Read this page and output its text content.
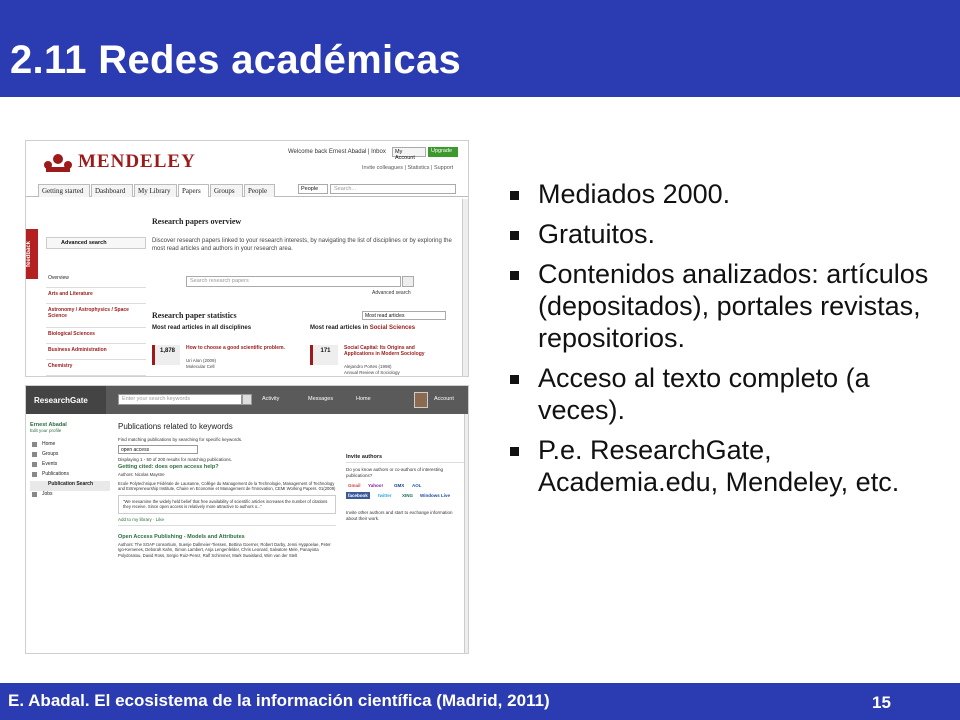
2.11 Redes académicas
MENDELEY	Welcome back Ernest Abadal | Inbox	My Account
Upgrade
Invite colleagues | Statistics | Support
Getting started	Dashboard	My Library	Papers	Groups	People	People	Search...
feedback	Advanced search
Overview
Arts and Literature
Astronomy / Astrophysics / Space Science
Biological Sciences
Business Administration
Chemistry
Research papers overview
Discover research papers linked to your research interests, by navigating the list of disciplines or by exploring the most read articles and authors in your research area.
Search research papers
Advanced search
Research paper statistics	Most read articles
Most read articles in all disciplines	Most read articles in Social Sciences
1,878	How to choose a good scientific problem.
Uri Alon (2009)
Molecular Cell
171	Social Capital: Its Origins and Applications in Modern Sociology
Alejandro Portes (1998)
Annual Review of Sociology
ResearchGate	Enter your search keywords	Activity	Messages	Home	Account
Ernest Abadal
Edit your profile
Home
Groups
Events
Publications
Publication Search
Jobs
Publications related to keywords
Find matching publications by searching for specific keywords.
open access
Displaying 1 - 50 of 200 results for matching publications.
Getting cited: does open access help?
Authors: Nicolas Maystre
Ecole Polytechnique Fédérale de Lausanne, Collège du Management de la Technologie, Management of Technology and Entrepreneurship Institute, Chaire en Economie et Management de l'Innovation, CEMI Working Papers. 01(2009)
"We reexamine the widely held belief that free availability of scientific articles increases the number of citations they receive. Since open access is relatively more attractive to authors o..."
Add to my library · Like
Open Access Publishing - Models and Attributes
Authors: The SOAP consortium, Suenje Dallmeier-Tiessen, Bettina Goerner, Robert Darby, Jenni Hyppoelae, Peter Igo-Kemenes, Deborah Kahn, Simon Lambert, Anja Lengenfelder, Chris Leonard, Salvatore Mele, Panayiota Polydoratou, David Ross, Sergio Ruiz-Perez, Ralf Schimmer, Mark Swaisland, Wim van der Stelt
Invite authors
Do you know authors or co-authors of interesting publications?
Gmail	Yahoo!	GMX	AOL
facebook	twitter	XING	Windows Live
Invite other authors and start to exchange information about their work.
Mediados 2000.
Gratuitos.
Contenidos analizados: artículos (depositados), portales revistas, repositorios.
Acceso al texto completo (a veces).
P.e. ResearchGate, Academia.edu, Mendeley, etc.
E. Abadal. El ecosistema de la información científica (Madrid, 2011)	15
